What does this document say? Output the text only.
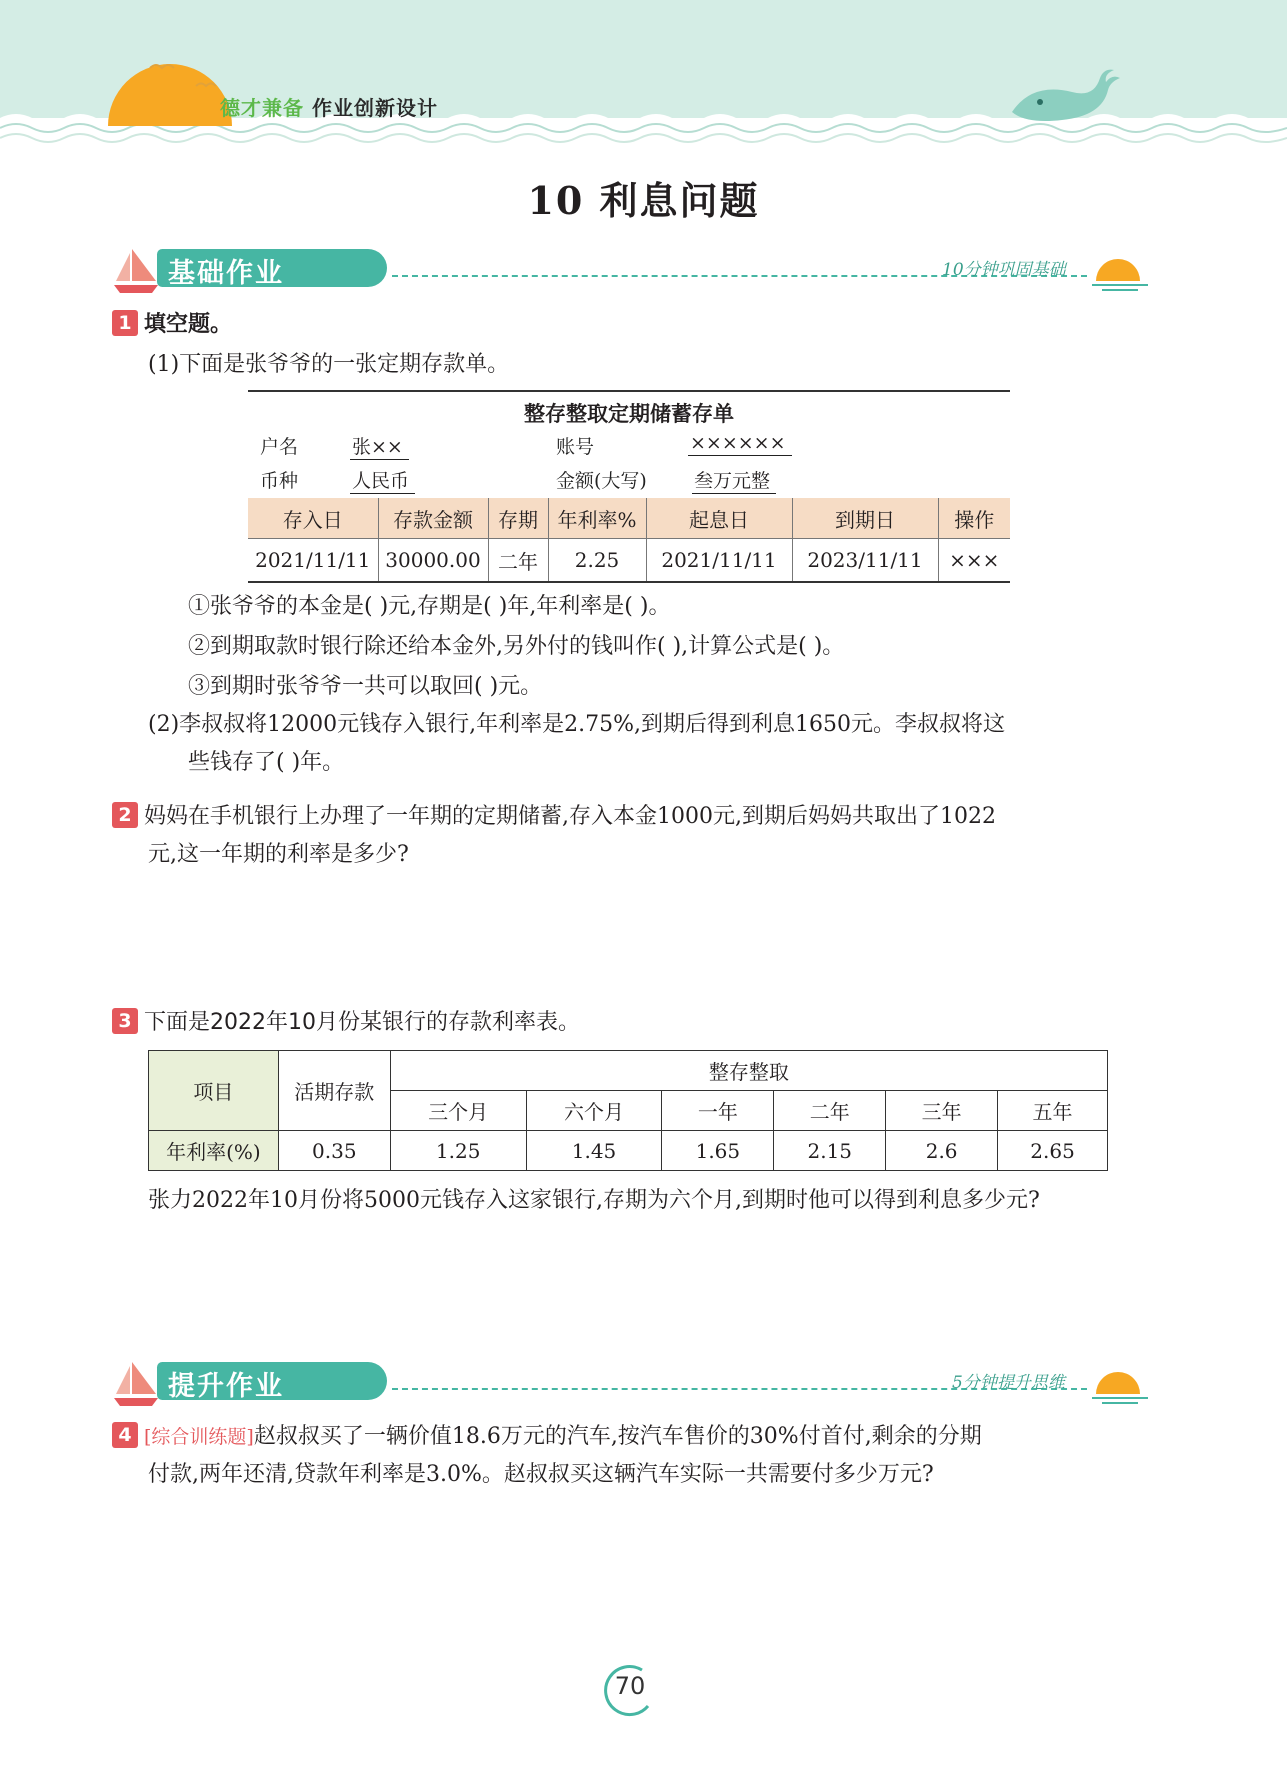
德才兼备 作业创新设计
10 利息问题
基础作业	10分钟巩固基础
1 填空题。
(1)下面是张爷爷的一张定期存款单。
整存整取定期储蓄存单
户名	张××	账号	××××××
币种	人民币	金额(大写) 叁万元整
存入日	存款金额	存期	年利率%	起息日	到期日	操作
2021/11/11	30000.00	二年	2.25	2021/11/11	2023/11/11	×××
①张爷爷的本金是( )元,存期是( )年,年利率是( )。
②到期取款时银行除还给本金外,另外付的钱叫作( ),计算公式是( )。
③到期时张爷爷一共可以取回( )元。
(2)李叔叔将12000元钱存入银行,年利率是2.75%,到期后得到利息1650元。李叔叔将这
些钱存了( )年。
2 妈妈在手机银行上办理了一年期的定期储蓄,存入本金1000元,到期后妈妈共取出了1022
元,这一年期的利率是多少?
3 下面是2022年10月份某银行的存款利率表。
项目	活期存款	整存整取					
		三个月	六个月	一年	二年	三年	五年
年利率(%)	0.35	1.25	1.45	1.65	2.15	2.6	2.65
张力2022年10月份将5000元钱存入这家银行,存期为六个月,到期时他可以得到利息多少元?
提升作业	5分钟提升思维
4 [综合训练题]赵叔叔买了一辆价值18.6万元的汽车,按汽车售价的30%付首付,剩余的分期
付款,两年还清,贷款年利率是3.0%。赵叔叔买这辆汽车实际一共需要付多少万元?
70
